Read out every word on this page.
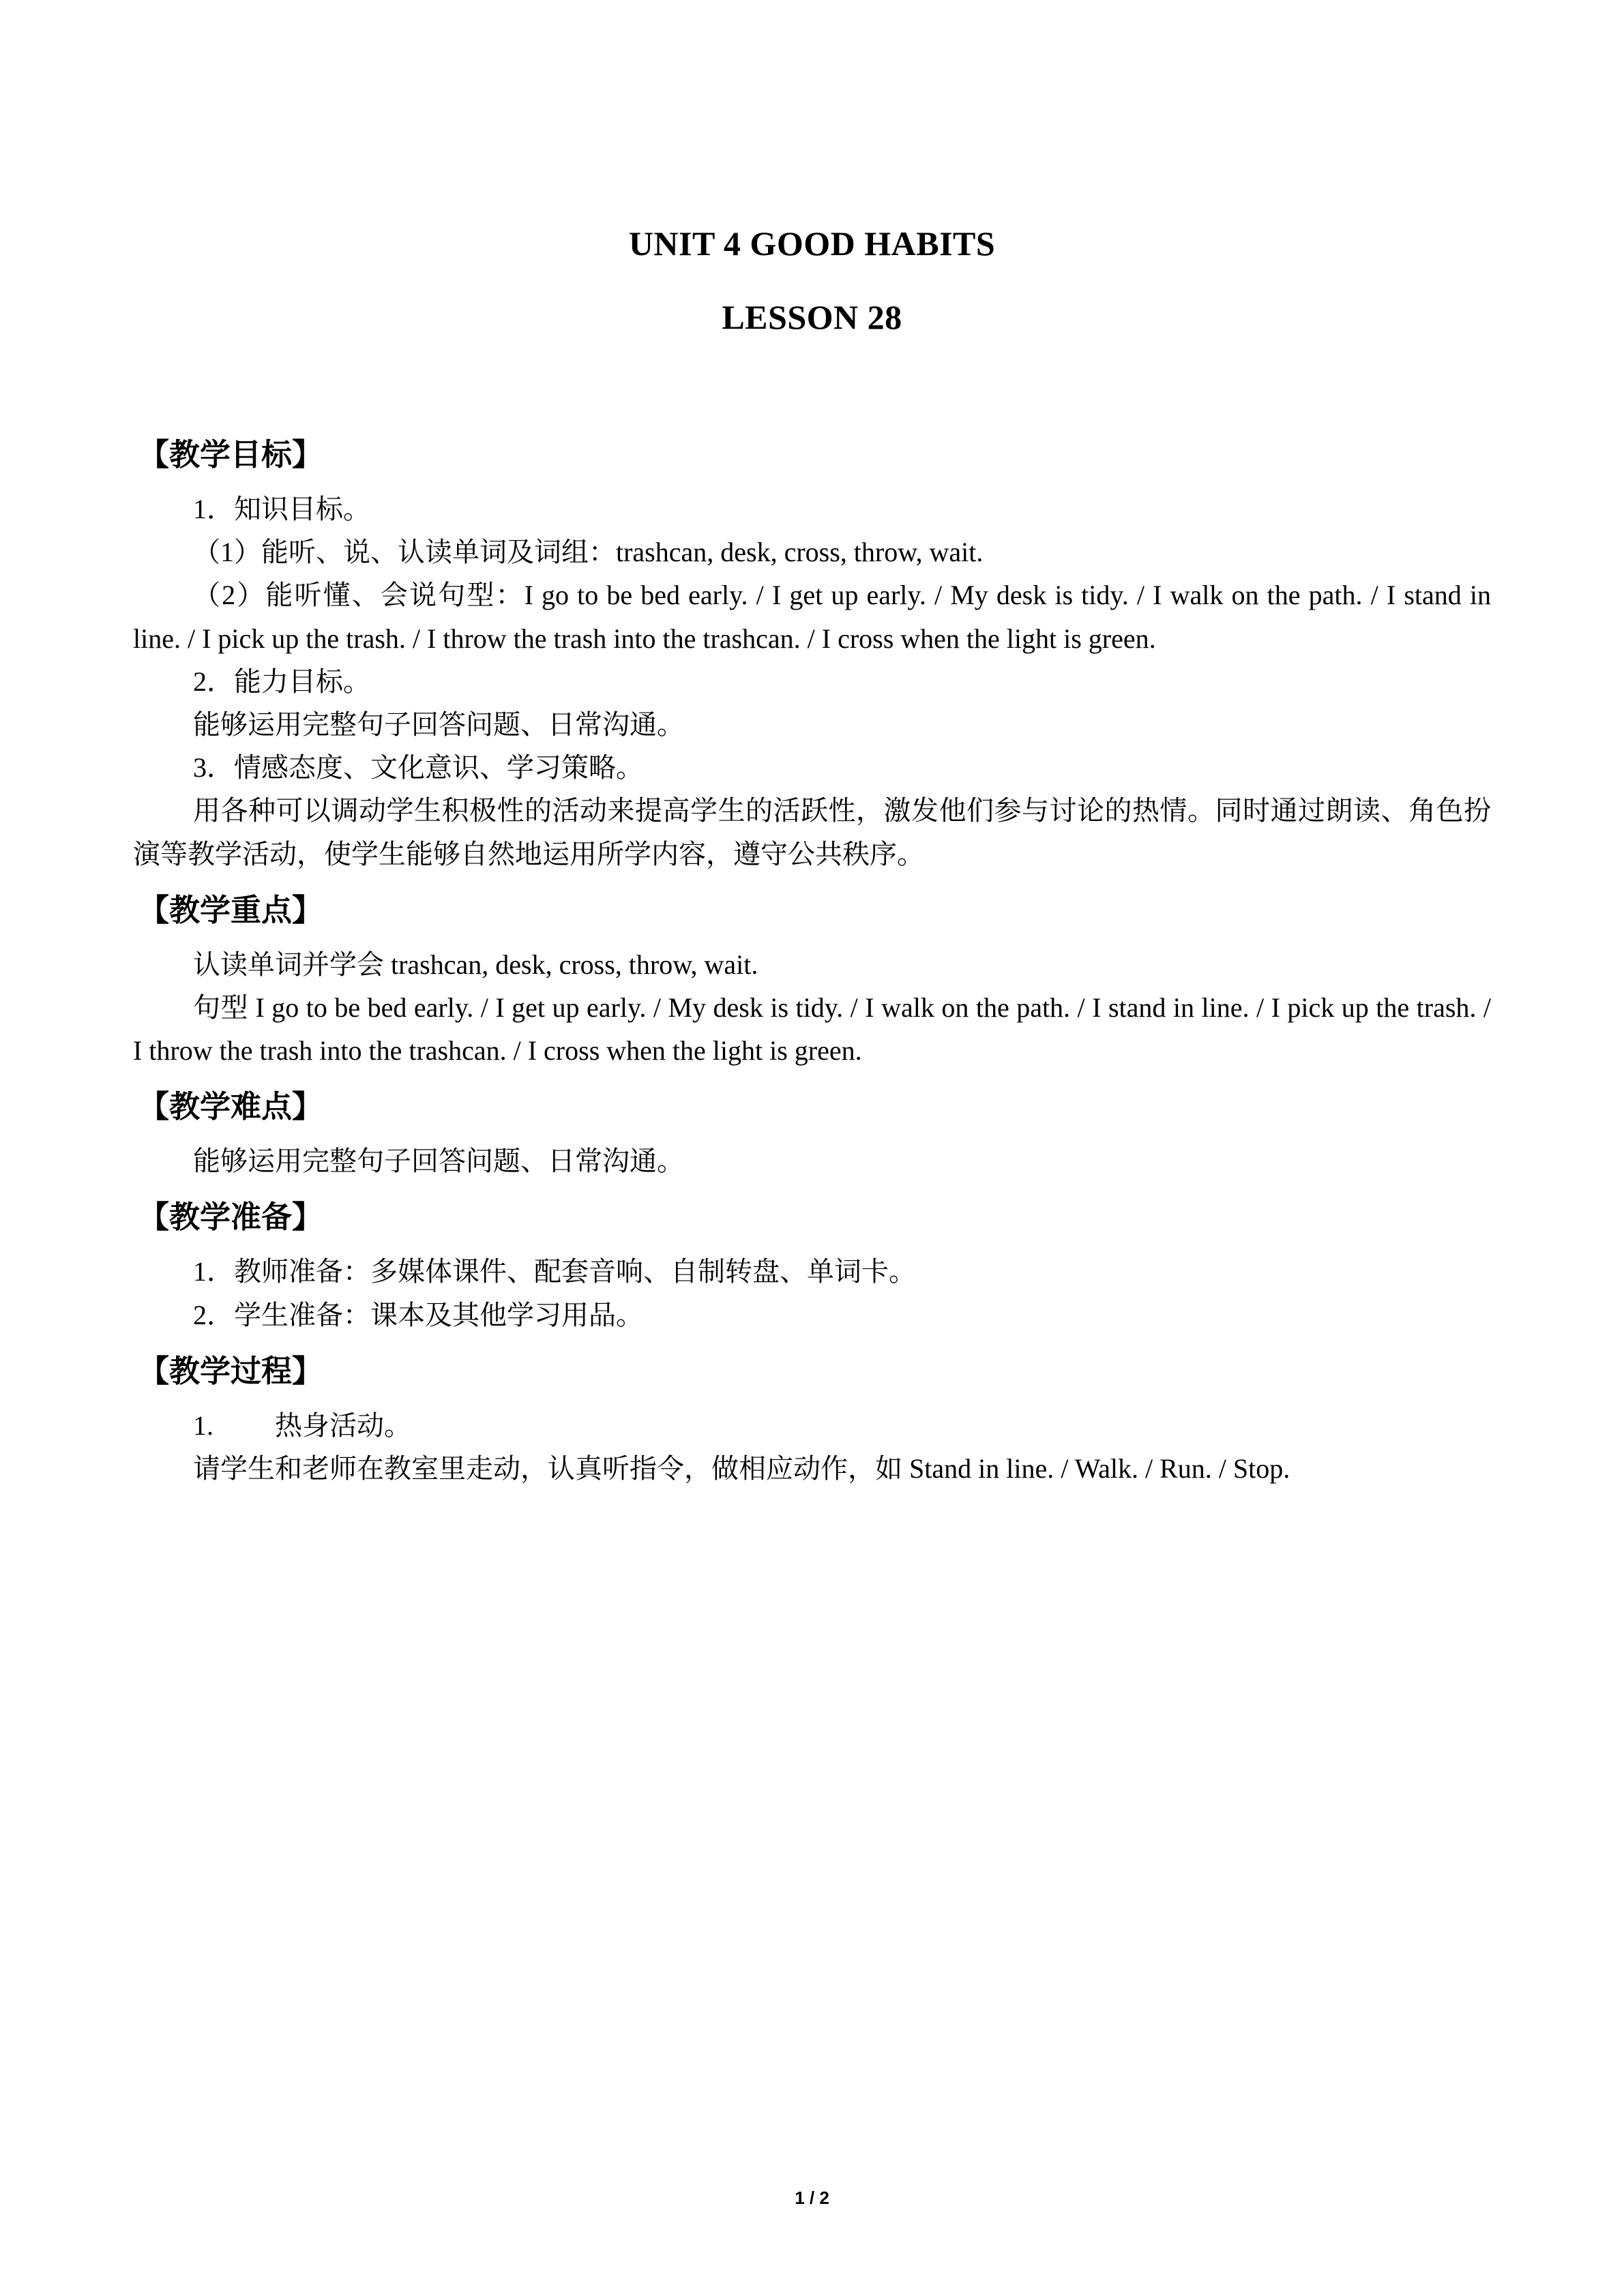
UNIT 4 GOOD HABITS
LESSON 28

【教学目标】

1．知识目标。

（1）能听、说、认读单词及词组：trashcan, desk, cross, throw, wait.

（2）能听懂、会说句型：I go to be bed early. / I get up early. / My desk is tidy. / I walk on the path. / I stand in line. / I pick up the trash. / I throw the trash into the trashcan. / I cross when the light is green.

2．能力目标。

能够运用完整句子回答问题、日常沟通。

3．情感态度、文化意识、学习策略。

用各种可以调动学生积极性的活动来提高学生的活跃性，激发他们参与讨论的热情。同时通过朗读、角色扮演等教学活动，使学生能够自然地运用所学内容，遵守公共秩序。

【教学重点】

认读单词并学会 trashcan, desk, cross, throw, wait.

句型 I go to be bed early. / I get up early. / My desk is tidy. / I walk on the path. / I stand in line. / I pick up the trash. / I throw the trash into the trashcan. / I cross when the light is green.

【教学难点】

能够运用完整句子回答问题、日常沟通。

【教学准备】

1．教师准备：多媒体课件、配套音响、自制转盘、单词卡。

2．学生准备：课本及其他学习用品。

【教学过程】

1.　　 热身活动。

请学生和老师在教室里走动，认真听指令，做相应动作，如 Stand in line. / Walk. / Run. / Stop.

1 / 2
